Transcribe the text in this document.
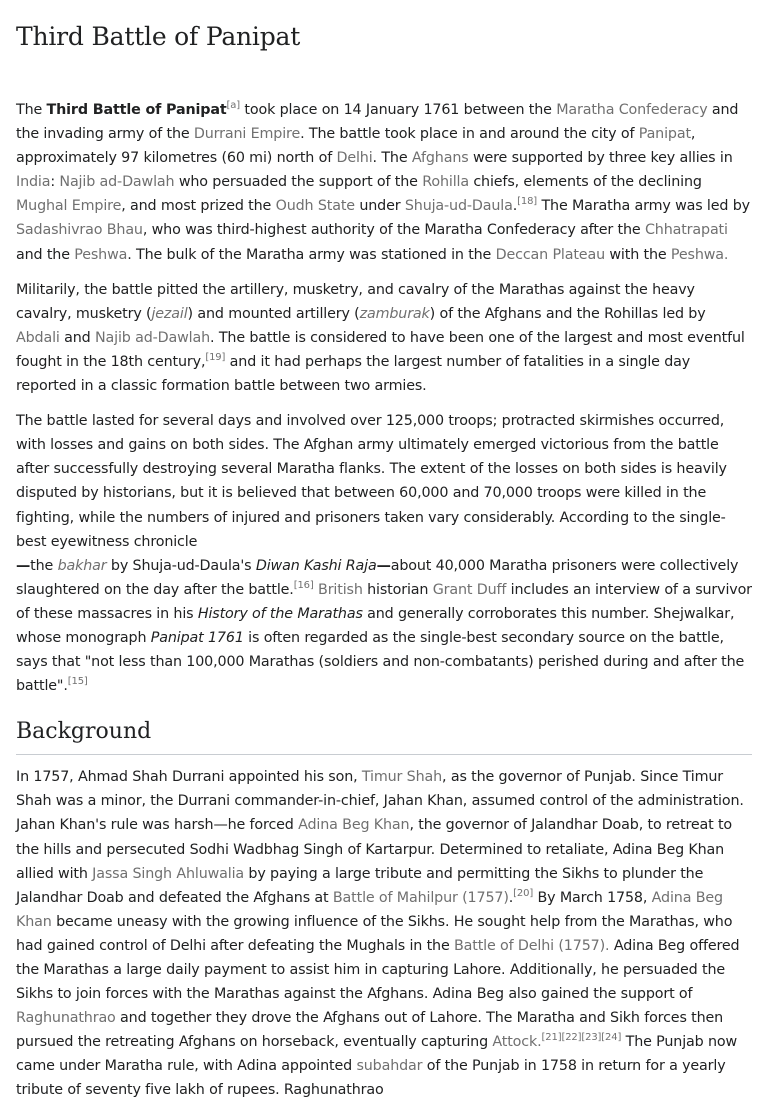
Third Battle of Panipat

The Third Battle of Panipat[a] took place on 14 January 1761 between the Maratha Confederacy and the invading army of the Durrani Empire. The battle took place in and around the city of Panipat, approximately 97 kilometres (60 mi) north of Delhi. The Afghans were supported by three key allies in India: Najib ad-Dawlah who persuaded the support of the Rohilla chiefs, elements of the declining Mughal Empire, and most prized the Oudh State under Shuja-ud-Daula.[18] The Maratha army was led by Sadashivrao Bhau, who was third-highest authority of the Maratha Confederacy after the Chhatrapati and the Peshwa. The bulk of the Maratha army was stationed in the Deccan Plateau with the Peshwa.

Militarily, the battle pitted the artillery, musketry, and cavalry of the Marathas against the heavy cavalry, musketry (jezail) and mounted artillery (zamburak) of the Afghans and the Rohillas led by Abdali and Najib ad-Dawlah. The battle is considered to have been one of the largest and most eventful fought in the 18th century,[19] and it had perhaps the largest number of fatalities in a single day reported in a classic formation battle between two armies.

The battle lasted for several days and involved over 125,000 troops; protracted skirmishes occurred, with losses and gains on both sides. The Afghan army ultimately emerged victorious from the battle after successfully destroying several Maratha flanks. The extent of the losses on both sides is heavily disputed by historians, but it is believed that between 60,000 and 70,000 troops were killed in the fighting, while the numbers of injured and prisoners taken vary considerably. According to the single-best eyewitness chronicle
—the bakhar by Shuja-ud-Daula's Diwan Kashi Raja—about 40,000 Maratha prisoners were collectively slaughtered on the day after the battle.[16] British historian Grant Duff includes an interview of a survivor of these massacres in his History of the Marathas and generally corroborates this number. Shejwalkar, whose monograph Panipat 1761 is often regarded as the single-best secondary source on the battle, says that "not less than 100,000 Marathas (soldiers and non-combatants) perished during and after the battle".[15]

Background

In 1757, Ahmad Shah Durrani appointed his son, Timur Shah, as the governor of Punjab. Since Timur Shah was a minor, the Durrani commander-in-chief, Jahan Khan, assumed control of the administration. Jahan Khan's rule was harsh—he forced Adina Beg Khan, the governor of Jalandhar Doab, to retreat to the hills and persecuted Sodhi Wadbhag Singh of Kartarpur. Determined to retaliate, Adina Beg Khan allied with Jassa Singh Ahluwalia by paying a large tribute and permitting the Sikhs to plunder the Jalandhar Doab and defeated the Afghans at Battle of Mahilpur (1757).[20] By March 1758, Adina Beg Khan became uneasy with the growing influence of the Sikhs. He sought help from the Marathas, who had gained control of Delhi after defeating the Mughals in the Battle of Delhi (1757). Adina Beg offered the Marathas a large daily payment to assist him in capturing Lahore. Additionally, he persuaded the Sikhs to join forces with the Marathas against the Afghans. Adina Beg also gained the support of Raghunathrao and together they drove the Afghans out of Lahore. The Maratha and Sikh forces then pursued the retreating Afghans on horseback, eventually capturing Attock.[21][22][23][24] The Punjab now came under Maratha rule, with Adina appointed subahdar of the Punjab in 1758 in return for a yearly tribute of seventy five lakh of rupees. Raghunathrao
